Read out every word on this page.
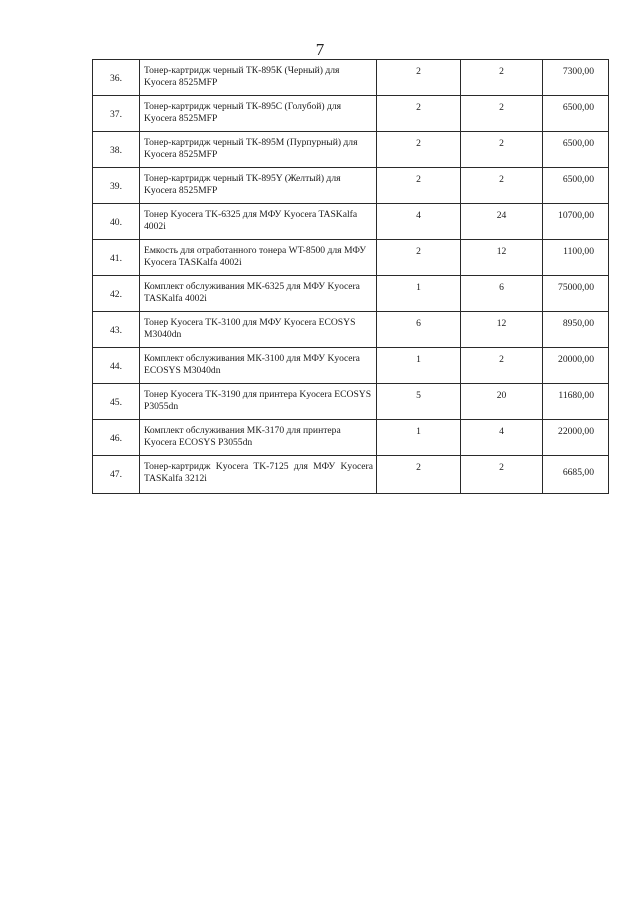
7
36.	Тонер-картридж черный ТК-895К (Черный) для Kyocera 8525MFP	2	2	7300,00
37.	Тонер-картридж черный ТК-895С (Голубой) для Kyocera 8525MFP	2	2	6500,00
38.	Тонер-картридж черный ТК-895М (Пурпурный) для Kyocera 8525MFP	2	2	6500,00
39.	Тонер-картридж черный ТК-895Y (Желтый) для Kyocera 8525MFP	2	2	6500,00
40.	Тонер Kyocera TK-6325 для МФУ Kyocera TASKalfa 4002i	4	24	10700,00
41.	Емкость для отработанного тонера WT-8500 для МФУ Kyocera TASKalfa 4002i	2	12	1100,00
42.	Комплект обслуживания МК-6325 для МФУ Kyocera TASKalfa 4002i	1	6	75000,00
43.	Тонер Kyocera TK-3100 для МФУ Kyocera ECOSYS M3040dn	6	12	8950,00
44.	Комплект обслуживания МК-3100 для МФУ Kyocera ECOSYS M3040dn	1	2	20000,00
45.	Тонер Kyocera TK-3190 для принтера Kyocera ECOSYS P3055dn	5	20	11680,00
46.	Комплект обслуживания МК-3170 для принтера Kyocera ECOSYS P3055dn	1	4	22000,00
47.	Тонер-картридж Kyocera TK-7125 для МФУ Kyocera TASKalfa 3212i	2	2	6685,00
